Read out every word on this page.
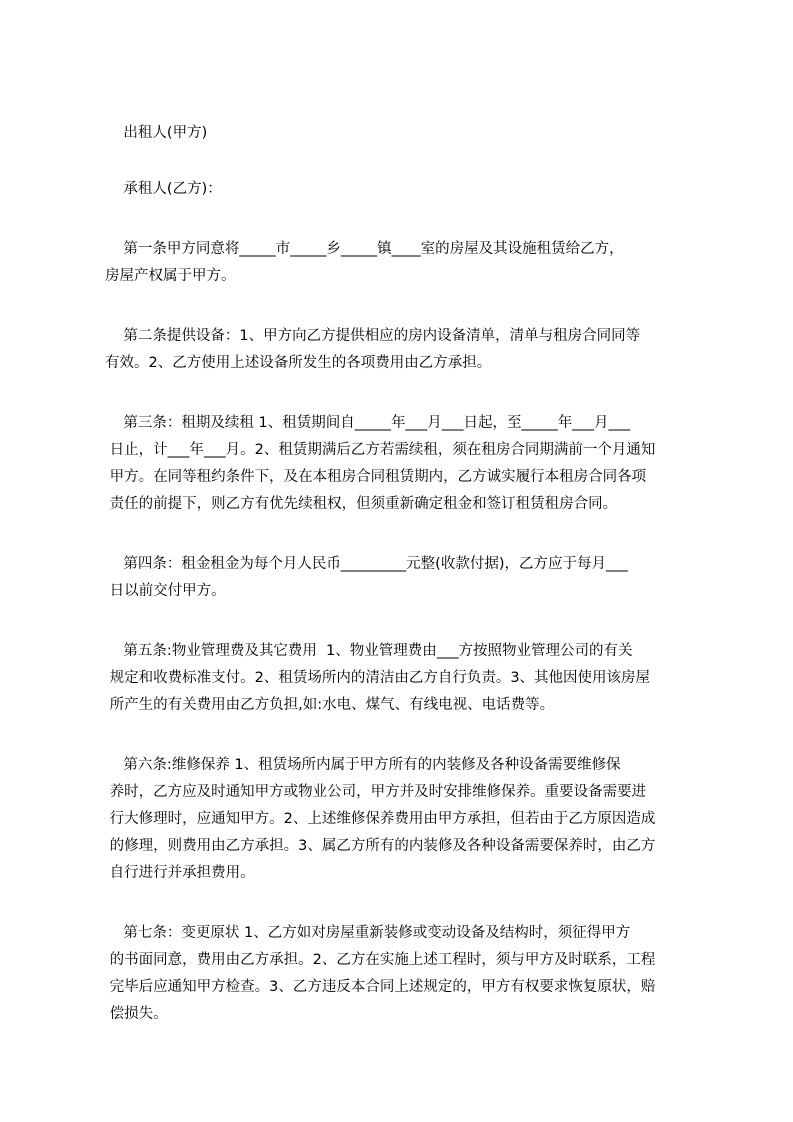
出租人(甲方)
承租人(乙方)：
第一条甲方同意将_____市_____乡_____镇____室的房屋及其设施租赁给乙方，
房屋产权属于甲方。
第二条提供设备：1、甲方向乙方提供相应的房内设备清单，清单与租房合同同等
有效。2、乙方使用上述设备所发生的各项费用由乙方承担。
第三条：租期及续租 1、租赁期间自_____年___月___日起，至_____年___月___
日止，计___年___月。2、租赁期满后乙方若需续租，须在租房合同期满前一个月通知
甲方。在同等租约条件下，及在本租房合同租赁期内，乙方诚实履行本租房合同各项
责任的前提下，则乙方有优先续租权，但须重新确定租金和签订租赁租房合同。
第四条：租金租金为每个月人民币_________元整(收款付据)，乙方应于每月___
日以前交付甲方。
第五条:物业管理费及其它费用  1、物业管理费由___方按照物业管理公司的有关
规定和收费标准支付。2、租赁场所内的清洁由乙方自行负责。3、其他因使用该房屋
所产生的有关费用由乙方负担,如:水电、煤气、有线电视、电话费等。
第六条:维修保养 1、租赁场所内属于甲方所有的内装修及各种设备需要维修保
养时，乙方应及时通知甲方或物业公司，甲方并及时安排维修保养。重要设备需要进
行大修理时，应通知甲方。2、上述维修保养费用由甲方承担，但若由于乙方原因造成
的修理，则费用由乙方承担。3、属乙方所有的内装修及各种设备需要保养时，由乙方
自行进行并承担费用。
第七条：变更原状 1、乙方如对房屋重新装修或变动设备及结构时，须征得甲方
的书面同意，费用由乙方承担。2、乙方在实施上述工程时，须与甲方及时联系，工程
完毕后应通知甲方检查。3、乙方违反本合同上述规定的，甲方有权要求恢复原状，赔
偿损失。
